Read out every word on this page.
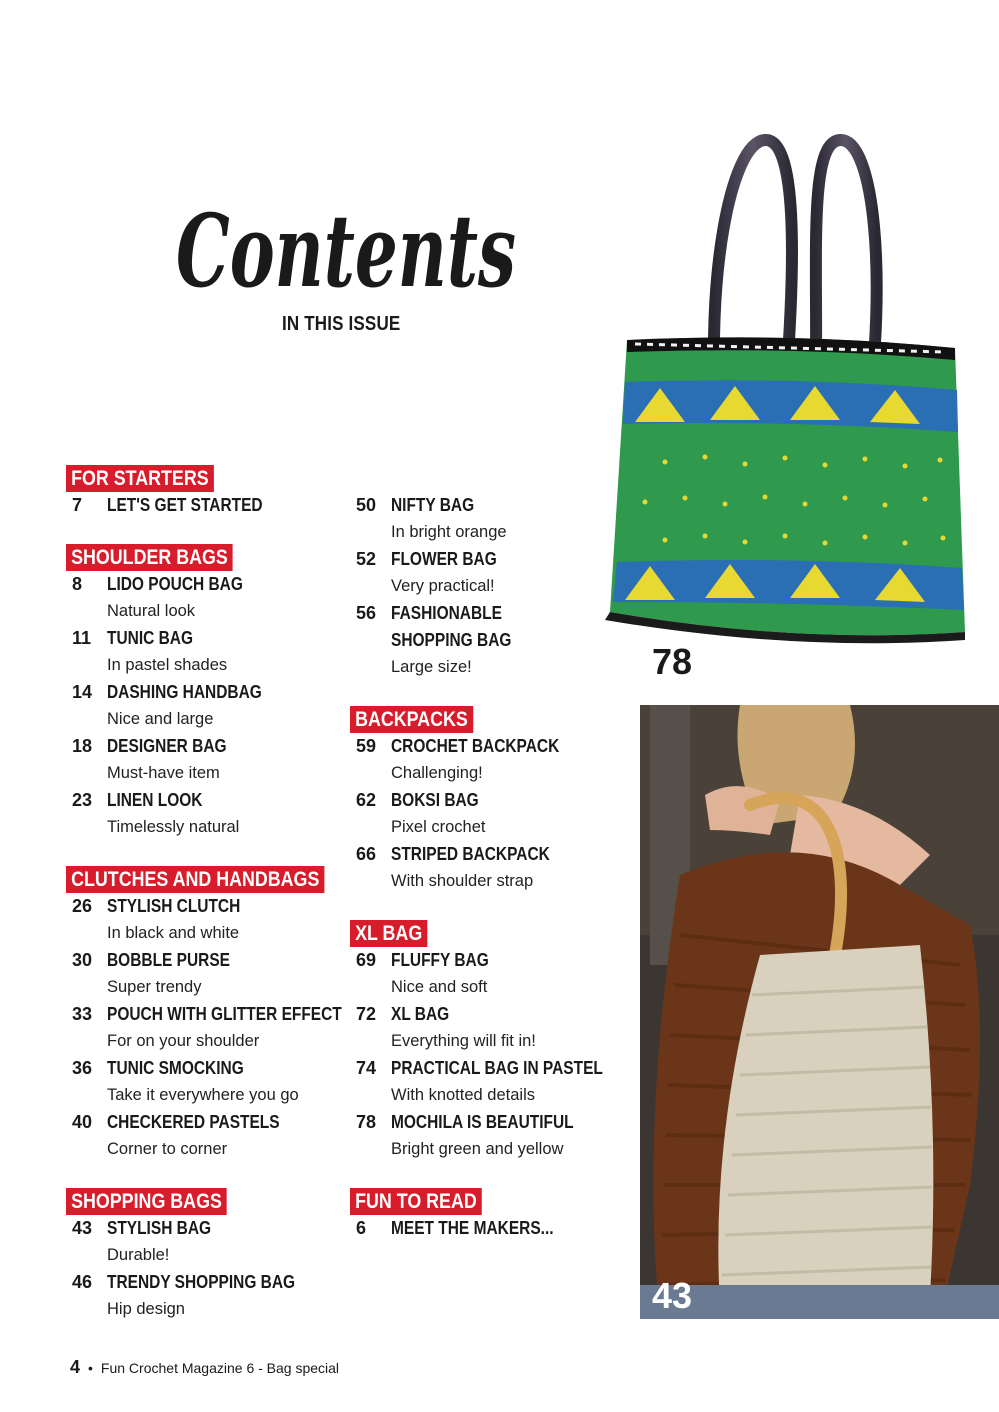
Contents
IN THIS ISSUE
FOR STARTERS
7 LET'S GET STARTED
SHOULDER BAGS
8 LIDO POUCH BAG
Natural look
11 TUNIC BAG
In pastel shades
14 DASHING HANDBAG
Nice and large
18 DESIGNER BAG
Must-have item
23 LINEN LOOK
Timelessly natural
CLUTCHES AND HANDBAGS
26 STYLISH CLUTCH
In black and white
30 BOBBLE PURSE
Super trendy
33 POUCH WITH GLITTER EFFECT
For on your shoulder
36 TUNIC SMOCKING
Take it everywhere you go
40 CHECKERED PASTELS
Corner to corner
SHOPPING BAGS
43 STYLISH BAG
Durable!
46 TRENDY SHOPPING BAG
Hip design
50 NIFTY BAG
In bright orange
52 FLOWER BAG
Very practical!
56 FASHIONABLE
SHOPPING BAG
Large size!
BACKPACKS
59 CROCHET BACKPACK
Challenging!
62 BOKSI BAG
Pixel crochet
66 STRIPED BACKPACK
With shoulder strap
XL BAG
69 FLUFFY BAG
Nice and soft
72 XL BAG
Everything will fit in!
74 PRACTICAL BAG IN PASTEL
With knotted details
78 MOCHILA IS BEAUTIFUL
Bright green and yellow
FUN TO READ
6 MEET THE MAKERS...
78
43
4 • Fun Crochet Magazine 6 - Bag special
